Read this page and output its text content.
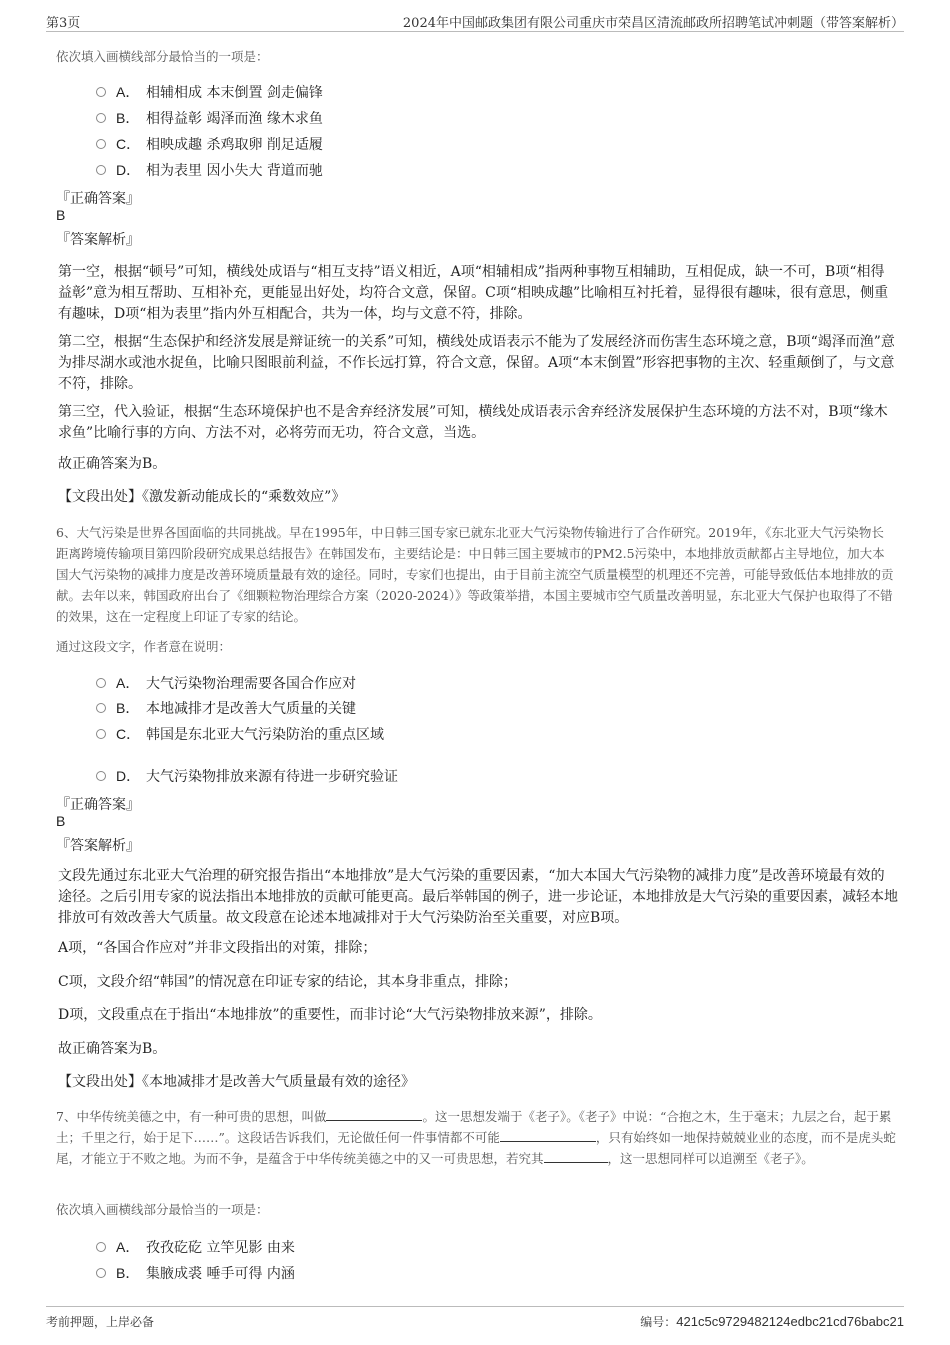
第3页	2024年中国邮政集团有限公司重庆市荣昌区清流邮政所招聘笔试冲刺题（带答案解析）
依次填入画横线部分最恰当的一项是：
A． 相辅相成 本末倒置 剑走偏锋
B． 相得益彰 竭泽而渔 缘木求鱼
C． 相映成趣 杀鸡取卵 削足适履
D． 相为表里 因小失大 背道而驰
『正确答案』
B
『答案解析』
第一空，根据“顿号”可知，横线处成语与“相互支持”语义相近，A项“相辅相成”指两种事物互相辅助，互相促成，缺一不可，B项“相得益彰”意为相互帮助、互相补充，更能显出好处，均符合文意，保留。C项“相映成趣”比喻相互衬托着，显得很有趣味，很有意思，侧重有趣味，D项“相为表里”指内外互相配合，共为一体，均与文意不符，排除。
第二空，根据“生态保护和经济发展是辩证统一的关系”可知，横线处成语表示不能为了发展经济而伤害生态环境之意，B项“竭泽而渔”意为排尽湖水或池水捉鱼，比喻只图眼前利益，不作长远打算，符合文意，保留。A项“本末倒置”形容把事物的主次、轻重颠倒了，与文意不符，排除。
第三空，代入验证，根据“生态环境保护也不是舍弃经济发展”可知，横线处成语表示舍弃经济发展保护生态环境的方法不对，B项“缘木求鱼”比喻行事的方向、方法不对，必将劳而无功，符合文意，当选。
故正确答案为B。
【文段出处】《激发新动能成长的“乘数效应”》
6、大气污染是世界各国面临的共同挑战。早在1995年，中日韩三国专家已就东北亚大气污染物传输进行了合作研究。2019年，《东北亚大气污染物长距离跨境传输项目第四阶段研究成果总结报告》在韩国发布，主要结论是：中日韩三国主要城市的PM2.5污染中，本地排放贡献都占主导地位，加大本国大气污染物的减排力度是改善环境质量最有效的途径。同时，专家们也提出，由于目前主流空气质量模型的机理还不完善，可能导致低估本地排放的贡献。去年以来，韩国政府出台了《细颗粒物治理综合方案（2020-2024）》等政策举措，本国主要城市空气质量改善明显，东北亚大气保护也取得了不错的效果，这在一定程度上印证了专家的结论。
通过这段文字，作者意在说明：
A． 大气污染物治理需要各国合作应对
B． 本地减排才是改善大气质量的关键
C． 韩国是东北亚大气污染防治的重点区域
D． 大气污染物排放来源有待进一步研究验证
『正确答案』
B
『答案解析』
文段先通过东北亚大气治理的研究报告指出“本地排放”是大气污染的重要因素，“加大本国大气污染物的减排力度”是改善环境最有效的途径。之后引用专家的说法指出本地排放的贡献可能更高。最后举韩国的例子，进一步论证，本地排放是大气污染的重要因素，减轻本地排放可有效改善大气质量。故文段意在论述本地减排对于大气污染防治至关重要，对应B项。
A项，“各国合作应对”并非文段指出的对策，排除；
C项，文段介绍“韩国”的情况意在印证专家的结论，其本身非重点，排除；
D项，文段重点在于指出“本地排放”的重要性，而非讨论“大气污染物排放来源”，排除。
故正确答案为B。
【文段出处】《本地减排才是改善大气质量最有效的途径》
7、中华传统美德之中，有一种可贵的思想，叫做	。这一思想发端于《老子》。《老子》中说：“合抱之木，生于毫末；九层之台，起于累土；千里之行，始于足下……”。这段话告诉我们，无论做任何一件事情都不可能	，只有始终如一地保持兢兢业业的态度，而不是虎头蛇尾，才能立于不败之地。为而不争，是蕴含于中华传统美德之中的又一可贵思想，若究其	，这一思想同样可以追溯至《老子》。
依次填入画横线部分最恰当的一项是：
A． 孜孜矻矻 立竿见影 由来
B． 集腋成裘 唾手可得 内涵
考前押题，上岸必备	编号：421c5c9729482124edbc21cd76babc21
